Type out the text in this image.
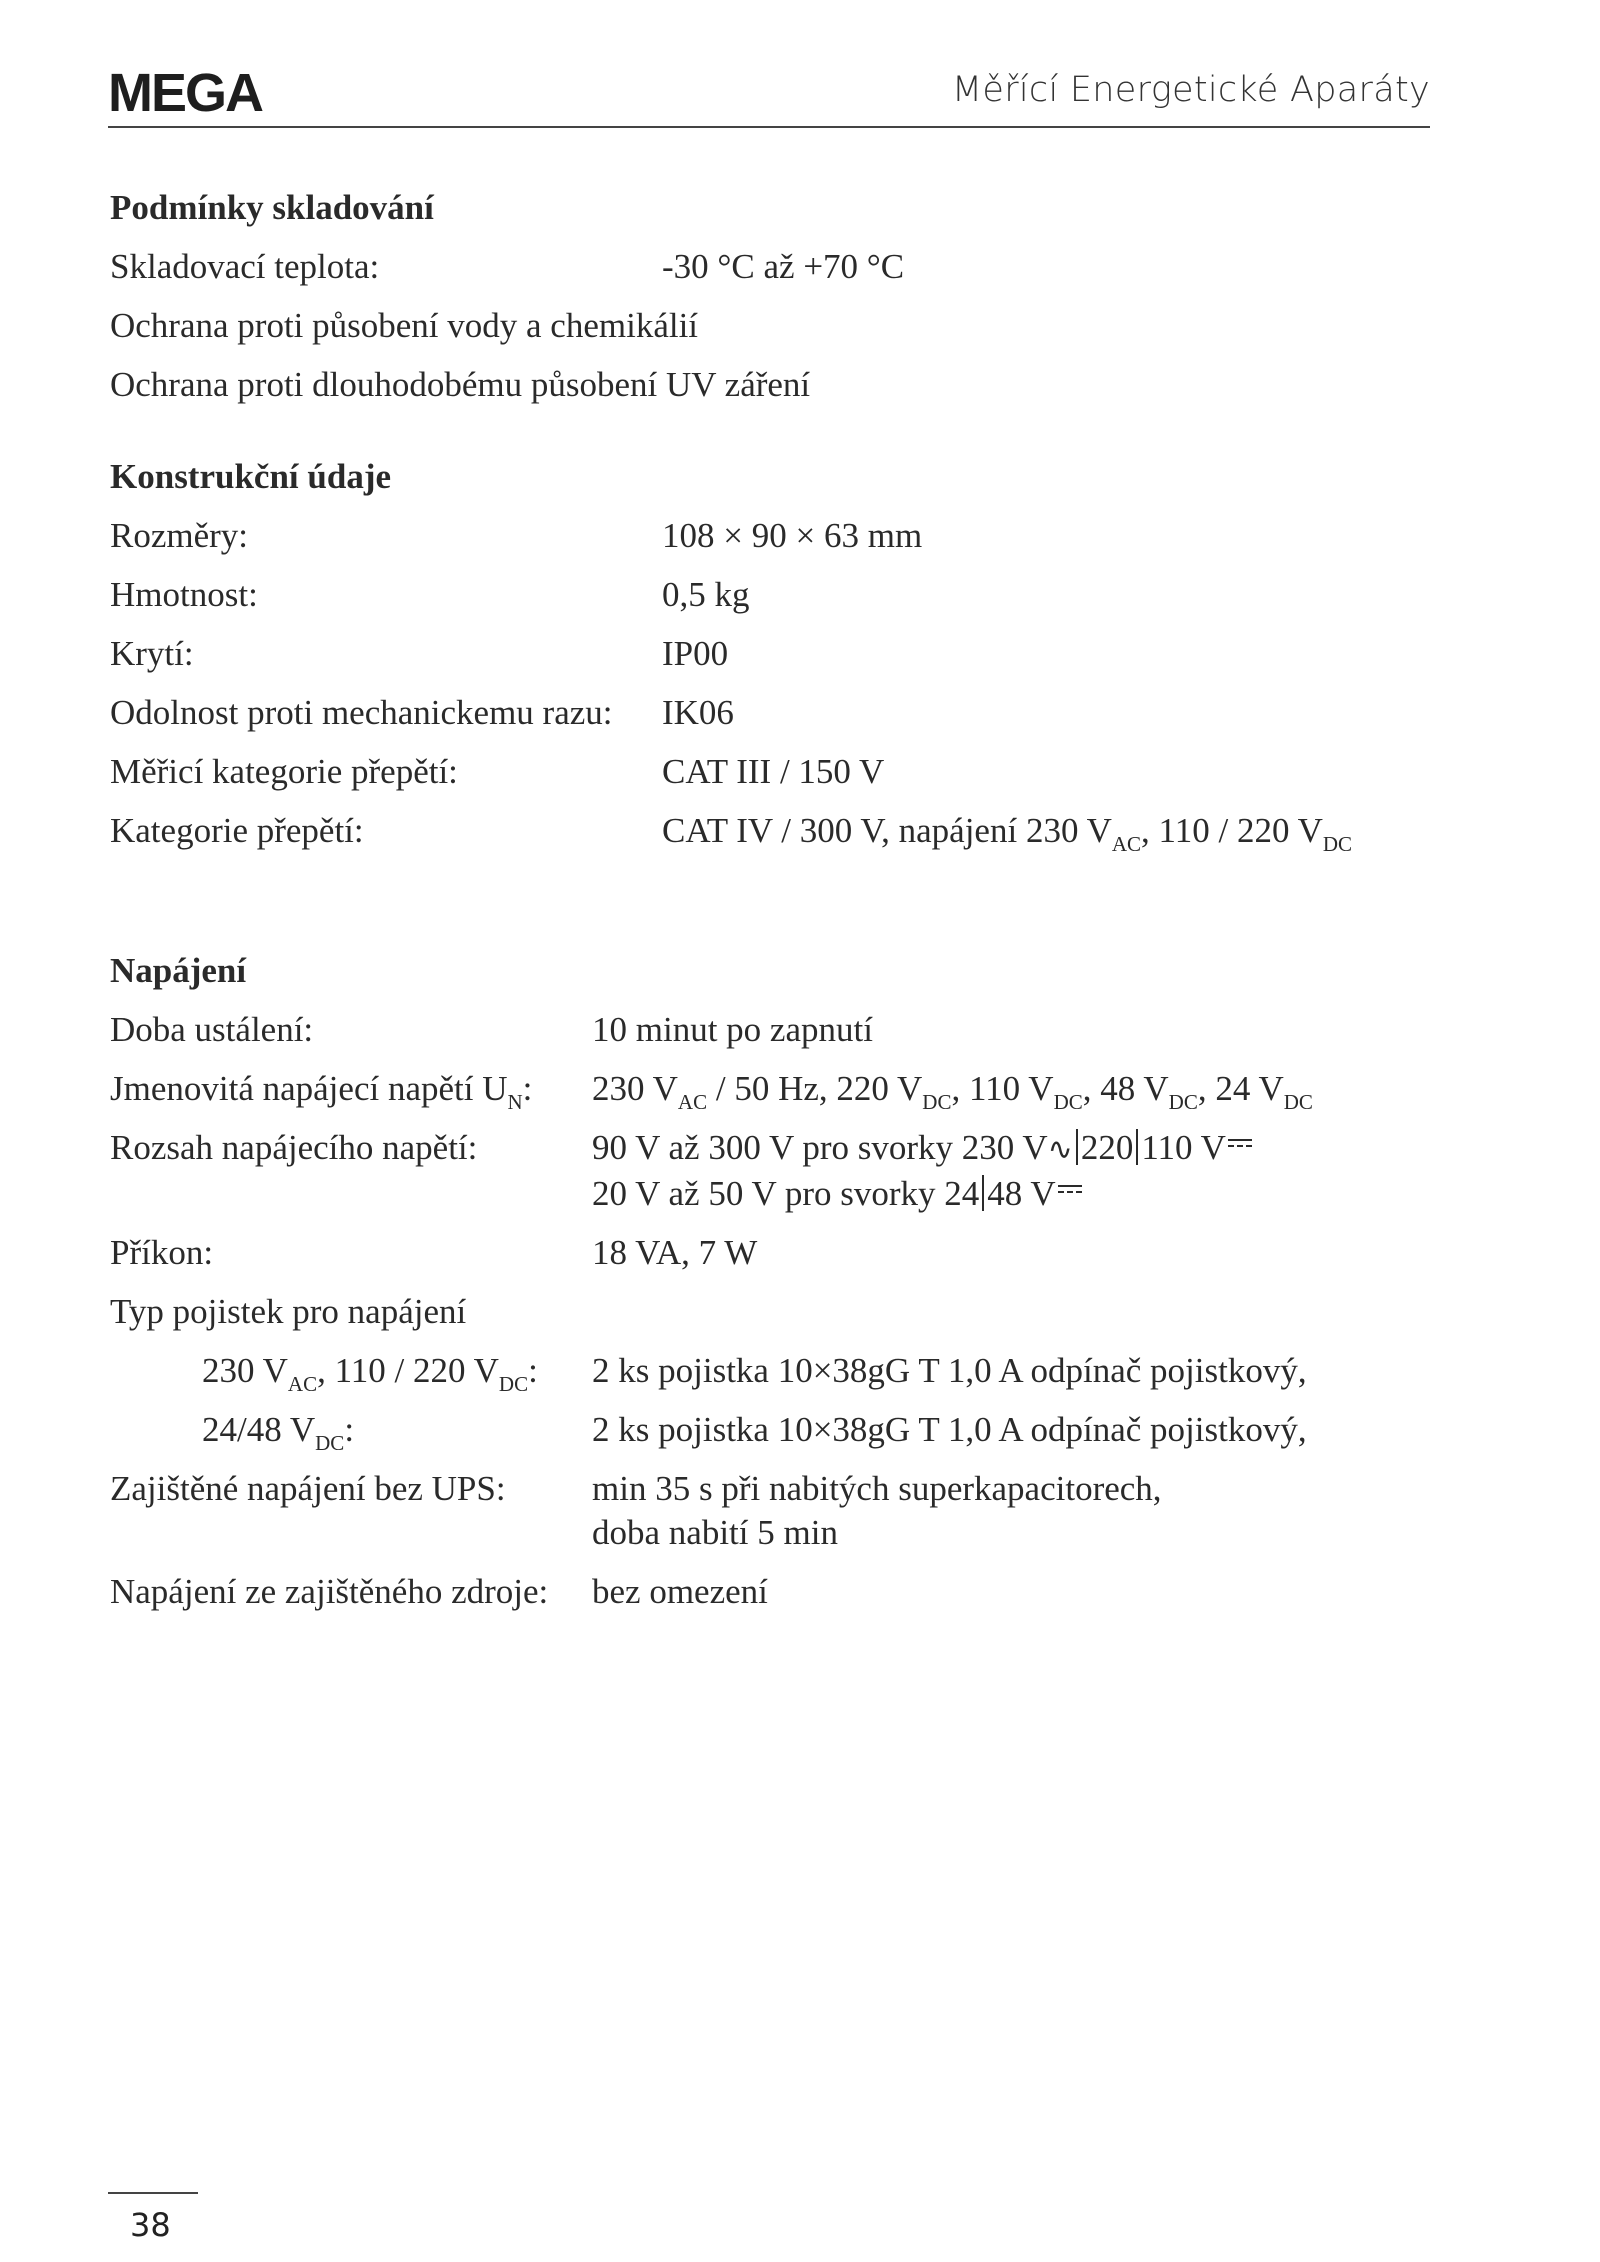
MEGA	Měřící Energetické Aparáty
Podmínky skladování
Skladovací teplota:	-30 °C až +70 °C
Ochrana proti působení vody a chemikálií
Ochrana proti dlouhodobému působení UV záření
Konstrukční údaje
Rozměry:	108 × 90 × 63 mm
Hmotnost:	0,5 kg
Krytí:	IP00
Odolnost proti mechanickemu razu:	IK06
Měřicí kategorie přepětí:	CAT III / 150 V
Kategorie přepětí:	CAT IV / 300 V, napájení 230 $V_{AC}$, 110 / 220 $V_{DC}$
Napájení
Doba ustálení:	10 minut po zapnutí
Jmenovitá napájecí napětí $U_N$:	230 $V_{AC} / 50$ Hz, 220 $V_{DC}$, 110 $V_{DC}$, 48 $V_{DC}$, 24 $V_{DC}$
Rozsah napájecího napětí:	90 V až 300 V pro svorky 230 V∿ 220 110 V
20 V až 50 V pro svorky 24 48 V
Příkon:	18 VA, 7 W
Typ pojistek pro napájení
230 $V_{AC}$, 110 / 220 $V_{DC}$:	2 ks pojistka 10×38gG T 1,0 A odpínač pojistkový,
24/48 $V_{DC}$:	2 ks pojistka 10×38gG T 1,0 A odpínač pojistkový,
Zajištěné napájení bez UPS:	min 35 s při nabitých superkapacitorech,
doba nabití 5 min
Napájení ze zajištěného zdroje:	bez omezení
38
